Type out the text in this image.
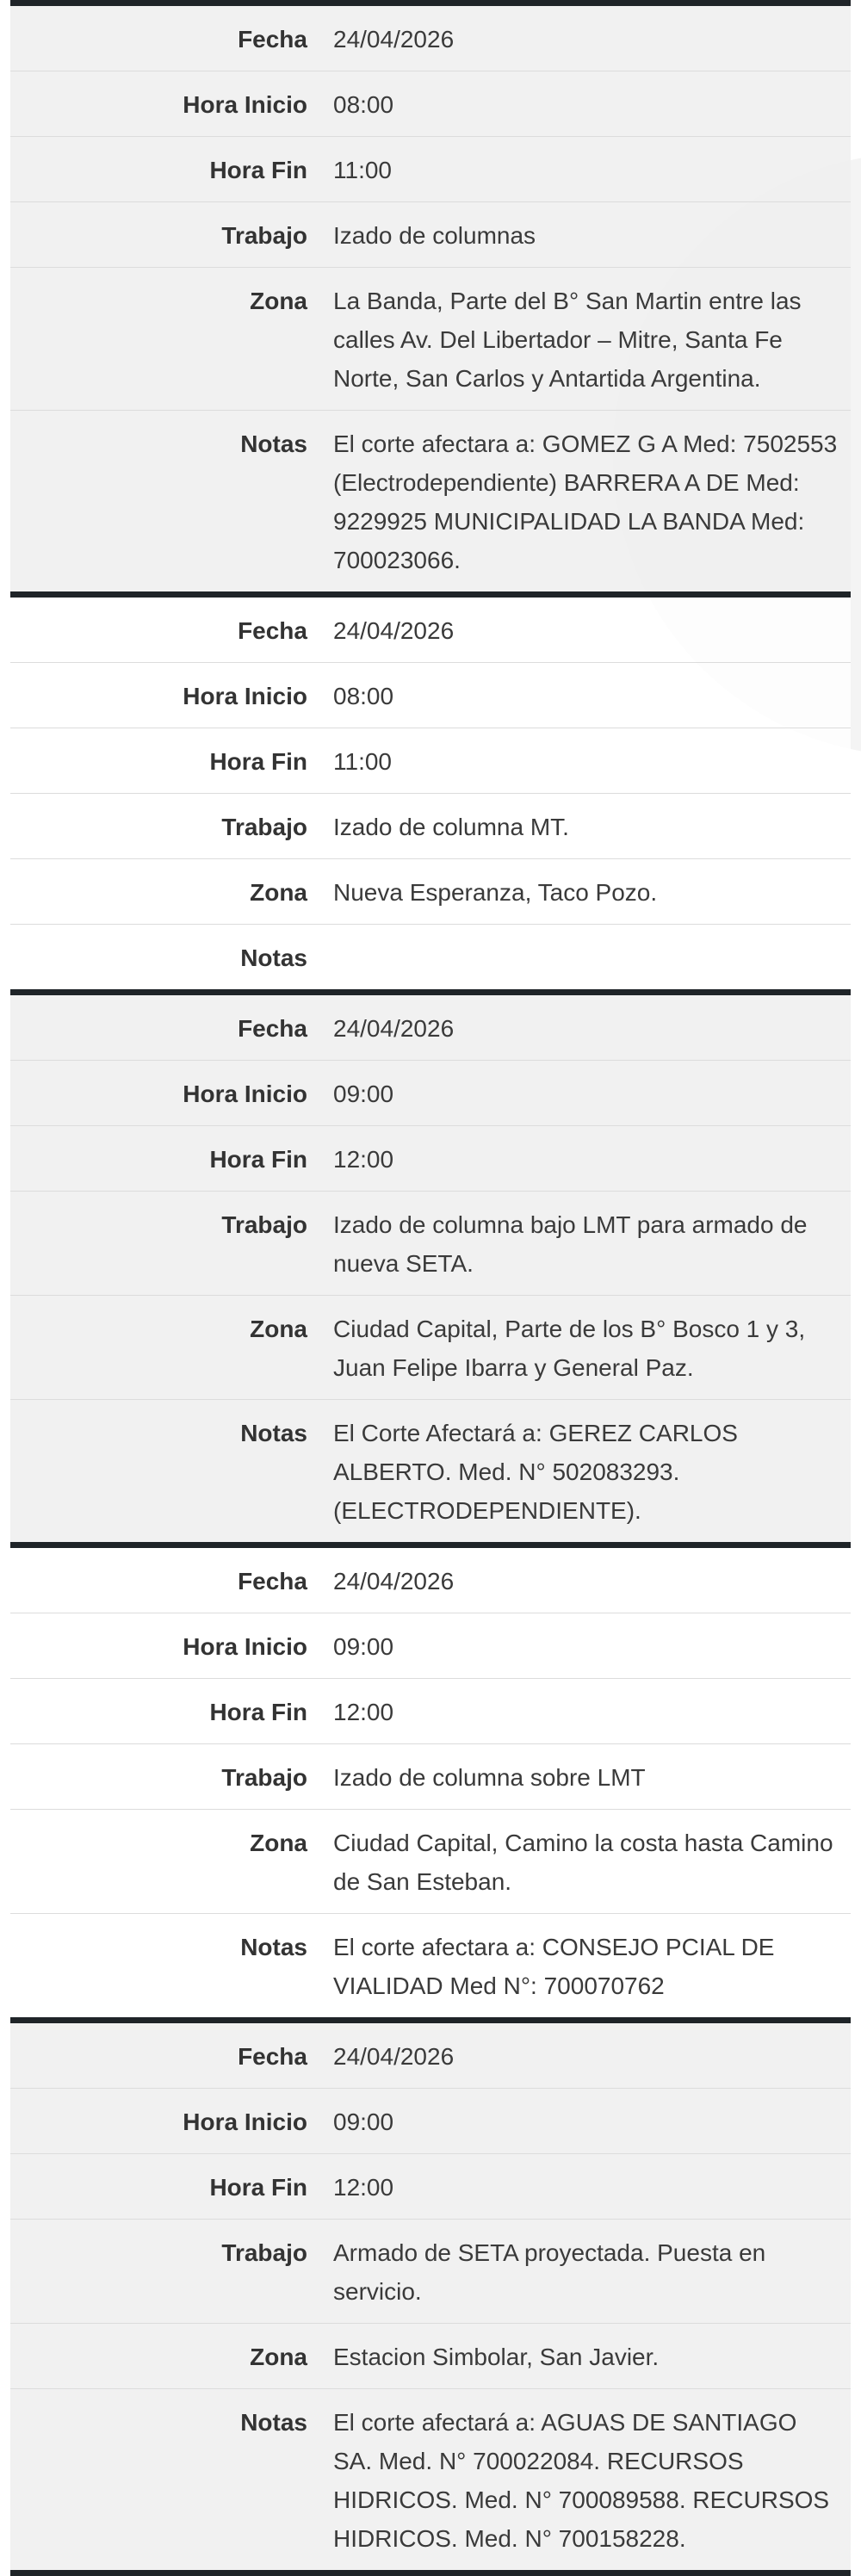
Fecha	24/04/2026
Hora Inicio	08:00
Hora Fin	11:00
Trabajo	Izado de columnas
Zona	La Banda, Parte del B° San Martin entre las calles Av. Del Libertador – Mitre, Santa Fe Norte, San Carlos y Antartida Argentina.
Notas	El corte afectara a: GOMEZ G A Med: 7502553 (Electrodependiente) BARRERA A DE Med: 9229925 MUNICIPALIDAD LA BANDA Med: 700023066.
Fecha	24/04/2026
Hora Inicio	08:00
Hora Fin	11:00
Trabajo	Izado de columna MT.
Zona	Nueva Esperanza, Taco Pozo.
Notas
Fecha	24/04/2026
Hora Inicio	09:00
Hora Fin	12:00
Trabajo	Izado de columna bajo LMT para armado de nueva SETA.
Zona	Ciudad Capital, Parte de los B° Bosco 1 y 3, Juan Felipe Ibarra y General Paz.
Notas	El Corte Afectará a: GEREZ CARLOS ALBERTO. Med. N° 502083293. (ELECTRODEPENDIENTE).
Fecha	24/04/2026
Hora Inicio	09:00
Hora Fin	12:00
Trabajo	Izado de columna sobre LMT
Zona	Ciudad Capital, Camino la costa hasta Camino de San Esteban.
Notas	El corte afectara a: CONSEJO PCIAL DE VIALIDAD Med N°: 700070762
Fecha	24/04/2026
Hora Inicio	09:00
Hora Fin	12:00
Trabajo	Armado de SETA proyectada. Puesta en servicio.
Zona	Estacion Simbolar, San Javier.
Notas	El corte afectará a: AGUAS DE SANTIAGO SA. Med. N° 700022084. RECURSOS HIDRICOS. Med. N° 700089588. RECURSOS HIDRICOS. Med. N° 700158228.
